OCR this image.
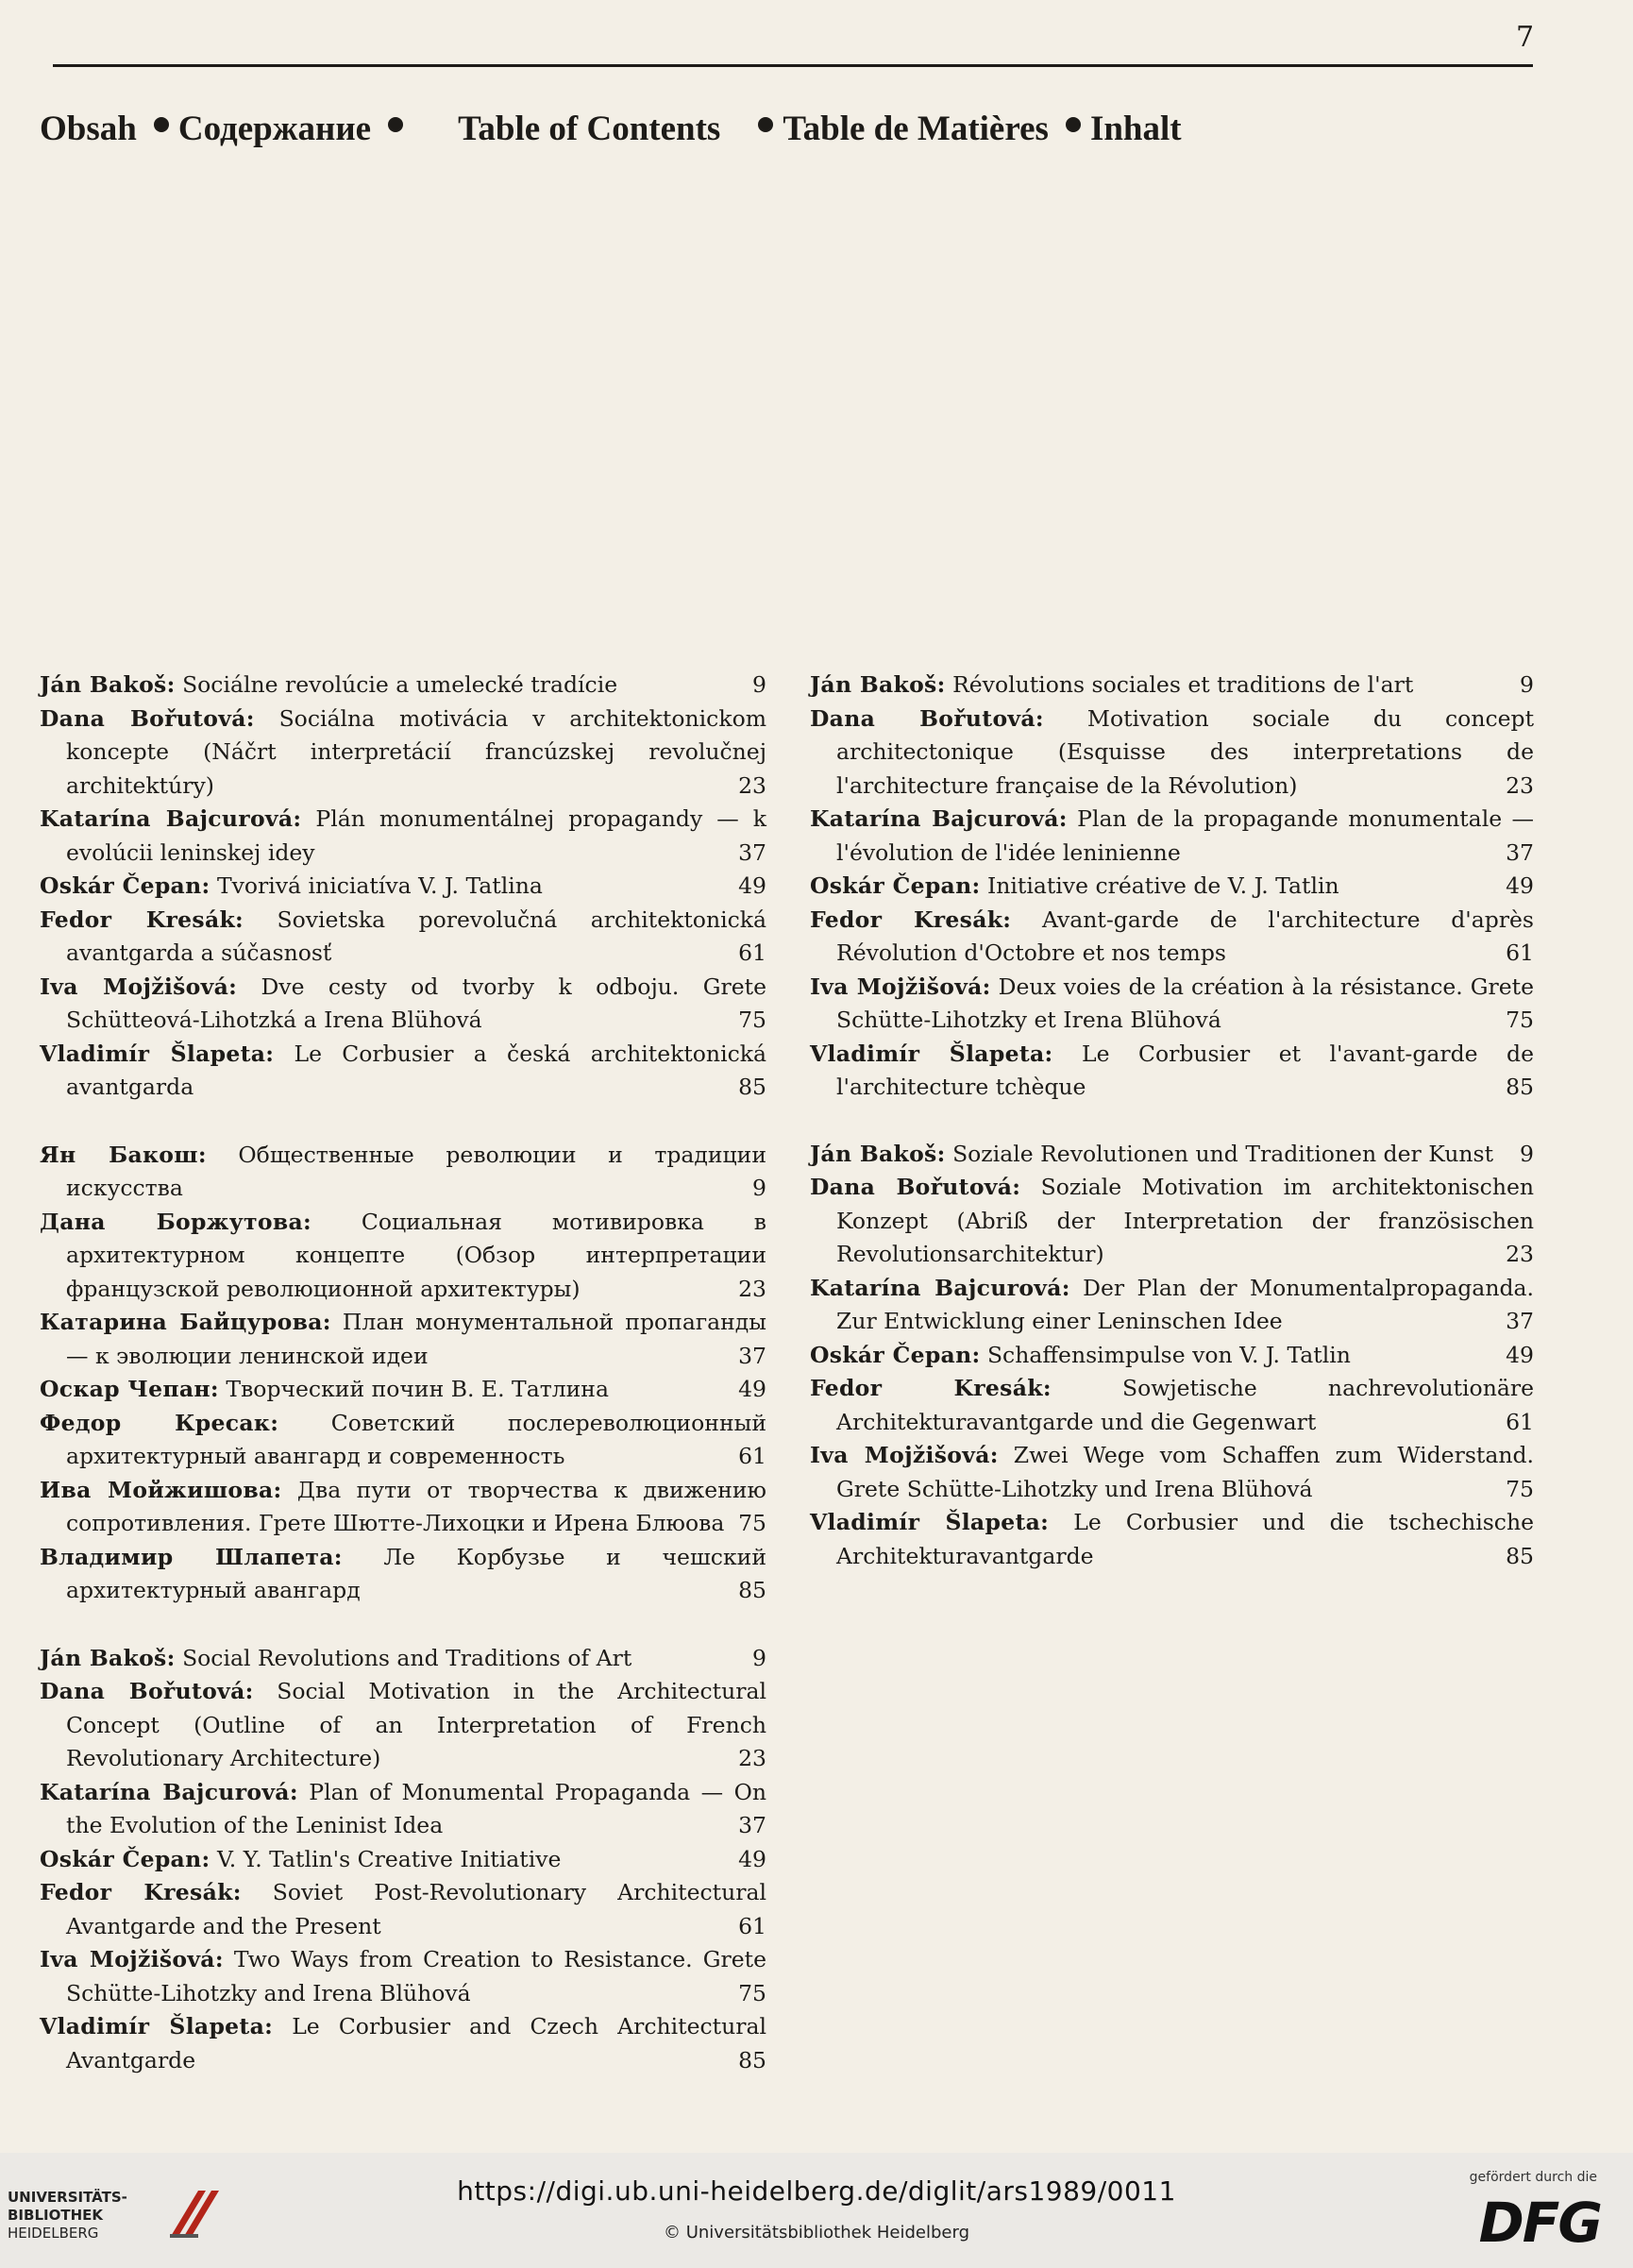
7
Obsah Содержание Table of Contents Table de Matières Inhalt
Ján Bakoš: Sociálne revolúcie a umelecké tradície	9
Dana Bořutová: Sociálna motivácia v architektonickom koncepte (Náčrt interpretácií francúzskej revolučnej architektúry)	23
Katarína Bajcurová: Plán monumentálnej propagandy — k evolúcii leninskej idey	37
Oskár Čepan: Tvorivá iniciatíva V. J. Tatlina	49
Fedor Kresák: Sovietska porevolučná architektonická avantgarda a súčasnosť	61
Iva Mojžišová: Dve cesty od tvorby k odboju. Grete Schütteová-Lihotzká a Irena Blühová	75
Vladimír Šlapeta: Le Corbusier a česká architektonická avantgarda	85
Ян Бакош: Общественные революции и традиции искусства	9
Дана Боржутова: Социальная мотивировка в архитектурном концепте (Обзор интерпретации французской революционной архитектуры)	23
Катарина Байцурова: План монументальной пропаганды — к эволюции ленинской идеи	37
Оскар Чепан: Творческий почин В. Е. Татлина	49
Федор Кресак: Советский послереволюционный архитектурный авангард и современность	61
Ива Мойжишова: Два пути от творчества к движению сопротивления. Грете Шютте-Лихоцки и Ирена Блюова 75
Владимир Шлапета: Ле Корбузье и чешский архитектурный авангард	85
Ján Bakoš: Social Revolutions and Traditions of Art	9
Dana Bořutová: Social Motivation in the Architectural Concept (Outline of an Interpretation of French Revolutionary Architecture)	23
Katarína Bajcurová: Plan of Monumental Propaganda — On the Evolution of the Leninist Idea	37
Oskár Čepan: V. Y. Tatlin's Creative Initiative	49
Fedor Kresák: Soviet Post-Revolutionary Architectural Avantgarde and the Present	61
Iva Mojžišová: Two Ways from Creation to Resistance. Grete Schütte-Lihotzky and Irena Blühová	75
Vladimír Šlapeta: Le Corbusier and Czech Architectural Avantgarde	85
Ján Bakoš: Révolutions sociales et traditions de l'art	9
Dana Bořutová: Motivation sociale du concept architectonique (Esquisse des interpretations de l'architecture française de la Révolution)	23
Katarína Bajcurová: Plan de la propagande monumentale — l'évolution de l'idée leninienne	37
Oskár Čepan: Initiative créative de V. J. Tatlin	49
Fedor Kresák: Avant-garde de l'architecture d'après Révolution d'Octobre et nos temps	61
Iva Mojžišová: Deux voies de la création à la résistance. Grete Schütte-Lihotzky et Irena Blühová	75
Vladimír Šlapeta: Le Corbusier et l'avant-garde de l'architecture tchèque	85
Ján Bakoš: Soziale Revolutionen und Traditionen der Kunst 9
Dana Bořutová: Soziale Motivation im architektonischen Konzept (Abriß der Interpretation der französischen Revolutionsarchitektur)	23
Katarína Bajcurová: Der Plan der Monumentalpropaganda. Zur Entwicklung einer Leninschen Idee	37
Oskár Čepan: Schaffensimpulse von V. J. Tatlin	49
Fedor Kresák:	Sowjetische nachrevolutionäre Architekturavantgarde und die Gegenwart	61
Iva Mojžišová: Zwei Wege vom Schaffen zum Widerstand. Grete Schütte-Lihotzky und Irena Blühová	75
Vladimír Šlapeta: Le Corbusier und die tschechische Architekturavantgarde	85
UNIVERSITÄTS-
BIBLIOTHEK
HEIDELBERG
https://digi.ub.uni-heidelberg.de/diglit/ars1989/0011
© Universitätsbibliothek Heidelberg
gefördert durch die
DFG
